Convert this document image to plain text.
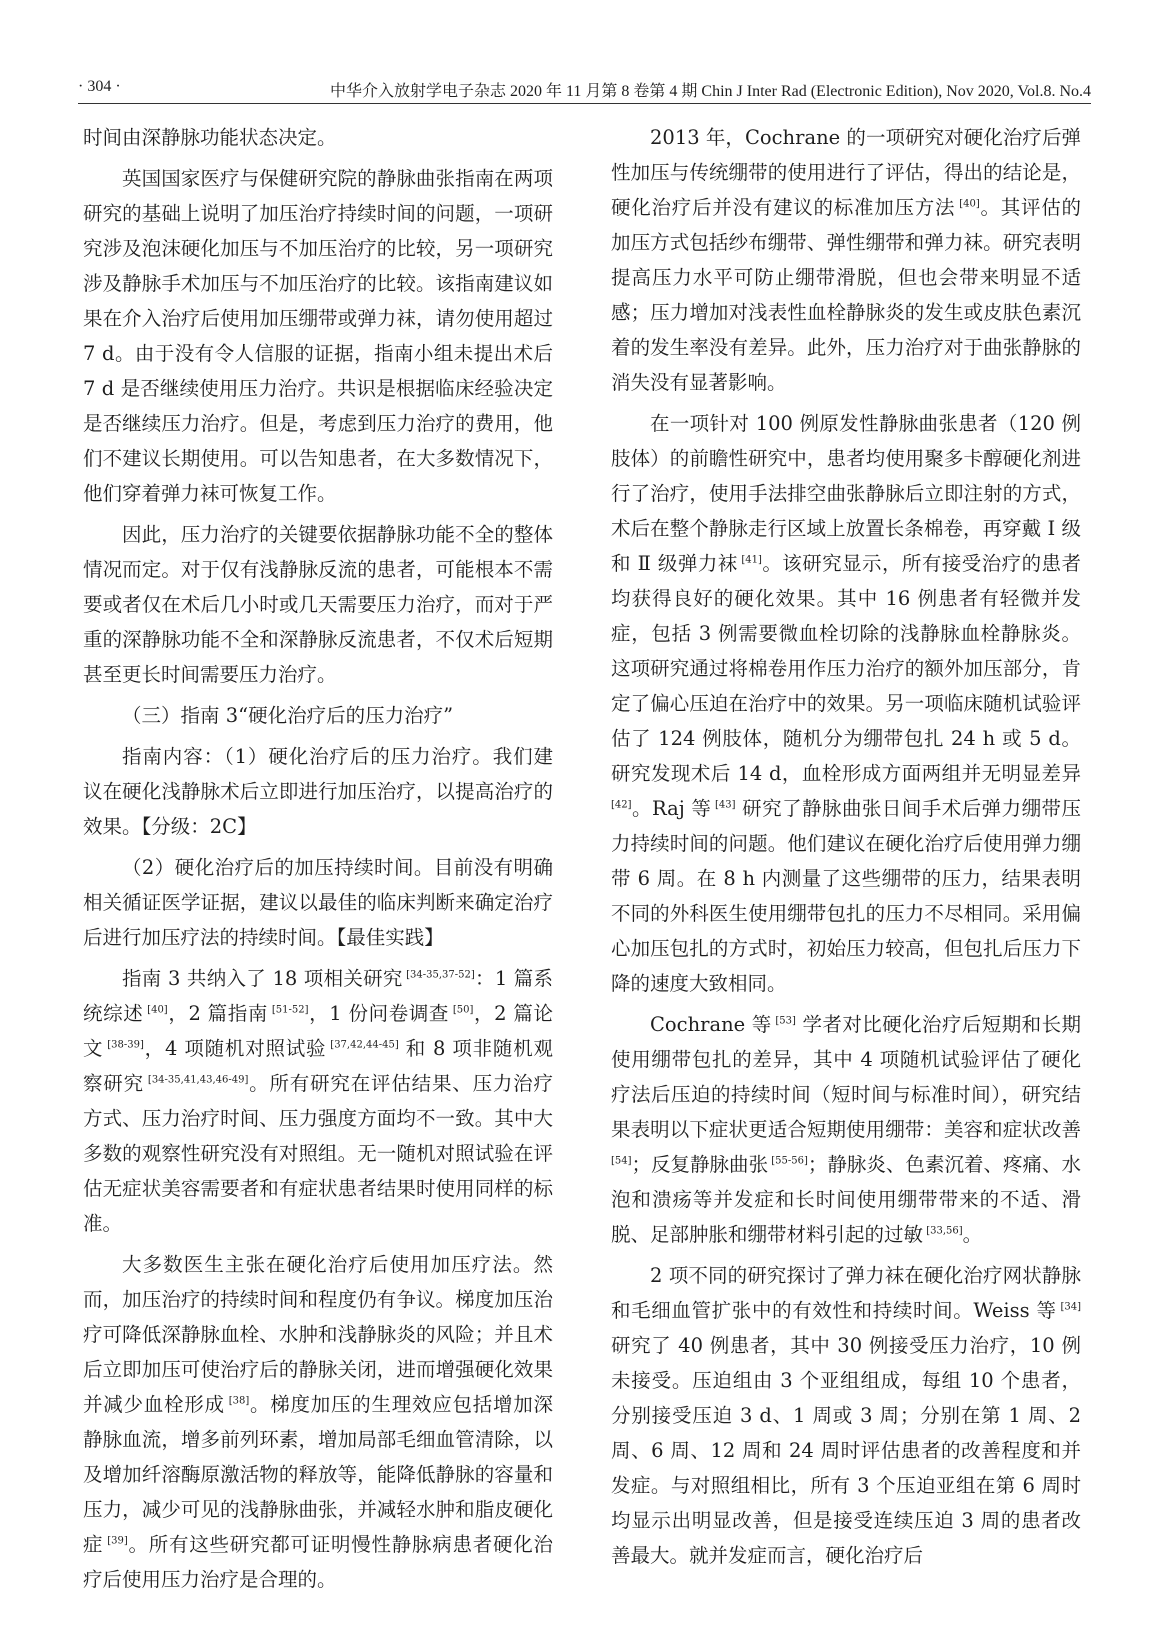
· 304 ·	中华介入放射学电子杂志 2020 年 11 月第 8 卷第 4 期 Chin J Inter Rad (Electronic Edition), Nov 2020, Vol.8. No.4

时间由深静脉功能状态决定。

英国国家医疗与保健研究院的静脉曲张指南在两项研究的基础上说明了加压治疗持续时间的问题，一项研究涉及泡沫硬化加压与不加压治疗的比较，另一项研究涉及静脉手术加压与不加压治疗的比较。该指南建议如果在介入治疗后使用加压绷带或弹力袜，请勿使用超过 7 d。由于没有令人信服的证据，指南小组未提出术后 7 d 是否继续使用压力治疗。共识是根据临床经验决定是否继续压力治疗。但是，考虑到压力治疗的费用，他们不建议长期使用。可以告知患者，在大多数情况下，他们穿着弹力袜可恢复工作。

因此，压力治疗的关键要依据静脉功能不全的整体情况而定。对于仅有浅静脉反流的患者，可能根本不需要或者仅在术后几小时或几天需要压力治疗，而对于严重的深静脉功能不全和深静脉反流患者，不仅术后短期甚至更长时间需要压力治疗。

（三）指南 3“硬化治疗后的压力治疗”

指南内容：（1）硬化治疗后的压力治疗。我们建议在硬化浅静脉术后立即进行加压治疗，以提高治疗的效果。【分级：2C】

（2）硬化治疗后的加压持续时间。目前没有明确相关循证医学证据，建议以最佳的临床判断来确定治疗后进行加压疗法的持续时间。【最佳实践】

指南 3 共纳入了 18 项相关研究 [34-35,37-52]：1 篇系统综述 [40]，2 篇指南 [51-52]，1 份问卷调查 [50]，2 篇论文 [38-39]，4 项随机对照试验 [37,42,44-45] 和 8 项非随机观察研究 [34-35,41,43,46-49]。所有研究在评估结果、压力治疗方式、压力治疗时间、压力强度方面均不一致。其中大多数的观察性研究没有对照组。无一随机对照试验在评估无症状美容需要者和有症状患者结果时使用同样的标准。

大多数医生主张在硬化治疗后使用加压疗法。然而，加压治疗的持续时间和程度仍有争议。梯度加压治疗可降低深静脉血栓、水肿和浅静脉炎的风险；并且术后立即加压可使治疗后的静脉关闭，进而增强硬化效果并减少血栓形成 [38]。梯度加压的生理效应包括增加深静脉血流，增多前列环素，增加局部毛细血管清除，以及增加纤溶酶原激活物的释放等，能降低静脉的容量和压力，减少可见的浅静脉曲张，并减轻水肿和脂皮硬化症 [39]。所有这些研究都可证明慢性静脉病患者硬化治疗后使用压力治疗是合理的。

2013 年，Cochrane 的一项研究对硬化治疗后弹性加压与传统绷带的使用进行了评估，得出的结论是，硬化治疗后并没有建议的标准加压方法 [40]。其评估的加压方式包括纱布绷带、弹性绷带和弹力袜。研究表明提高压力水平可防止绷带滑脱，但也会带来明显不适感；压力增加对浅表性血栓静脉炎的发生或皮肤色素沉着的发生率没有差异。此外，压力治疗对于曲张静脉的消失没有显著影响。

在一项针对 100 例原发性静脉曲张患者（120 例肢体）的前瞻性研究中，患者均使用聚多卡醇硬化剂进行了治疗，使用手法排空曲张静脉后立即注射的方式，术后在整个静脉走行区域上放置长条棉卷，再穿戴 Ⅰ 级和 Ⅱ 级弹力袜 [41]。该研究显示，所有接受治疗的患者均获得良好的硬化效果。其中 16 例患者有轻微并发症，包括 3 例需要微血栓切除的浅静脉血栓静脉炎。这项研究通过将棉卷用作压力治疗的额外加压部分，肯定了偏心压迫在治疗中的效果。另一项临床随机试验评估了 124 例肢体，随机分为绷带包扎 24 h 或 5 d。研究发现术后 14 d，血栓形成方面两组并无明显差异 [42]。Raj 等 [43] 研究了静脉曲张日间手术后弹力绷带压力持续时间的问题。他们建议在硬化治疗后使用弹力绷带 6 周。在 8 h 内测量了这些绷带的压力，结果表明不同的外科医生使用绷带包扎的压力不尽相同。采用偏心加压包扎的方式时，初始压力较高，但包扎后压力下降的速度大致相同。

Cochrane 等 [53] 学者对比硬化治疗后短期和长期使用绷带包扎的差异，其中 4 项随机试验评估了硬化疗法后压迫的持续时间（短时间与标准时间），研究结果表明以下症状更适合短期使用绷带：美容和症状改善 [54]；反复静脉曲张 [55-56]；静脉炎、色素沉着、疼痛、水泡和溃疡等并发症和长时间使用绷带带来的不适、滑脱、足部肿胀和绷带材料引起的过敏 [33,56]。

2 项不同的研究探讨了弹力袜在硬化治疗网状静脉和毛细血管扩张中的有效性和持续时间。Weiss 等 [34] 研究了 40 例患者，其中 30 例接受压力治疗，10 例未接受。压迫组由 3 个亚组组成，每组 10 个患者，分别接受压迫 3 d、1 周或 3 周；分别在第 1 周、2 周、6 周、12 周和 24 周时评估患者的改善程度和并发症。与对照组相比，所有 3 个压迫亚组在第 6 周时均显示出明显改善，但是接受连续压迫 3 周的患者改善最大。就并发症而言，硬化治疗后
